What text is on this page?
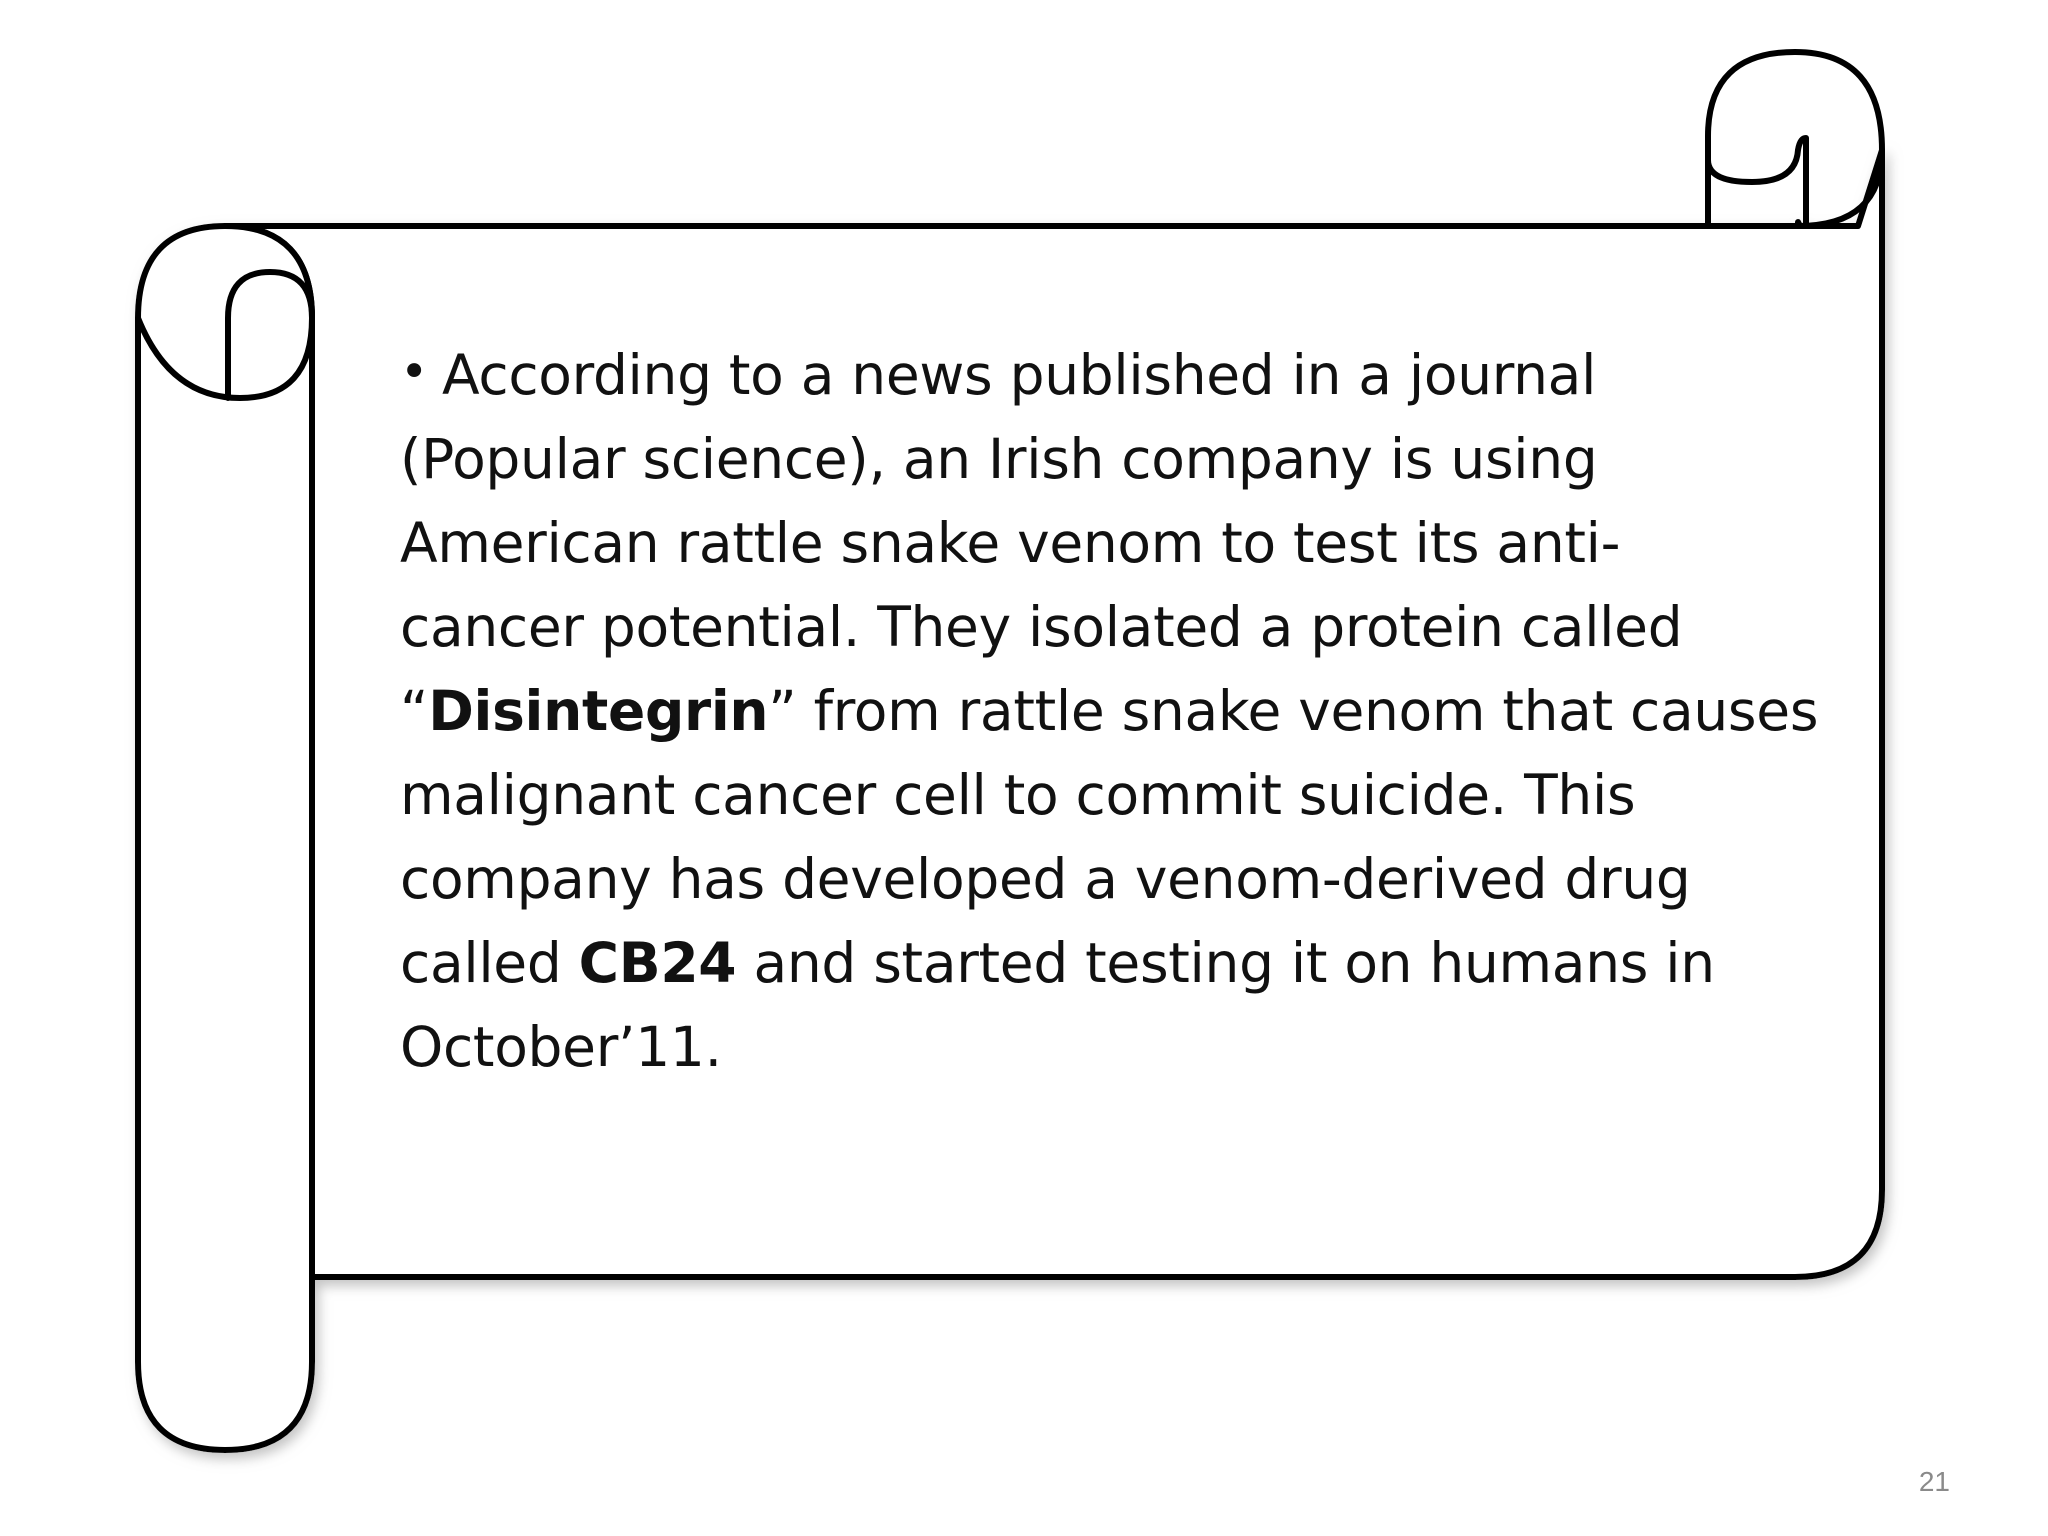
• According to a news published in a journal
(Popular science), an Irish company is using
American rattle snake venom to test its anti-
cancer potential. They isolated a protein called
“Disintegrin” from rattle snake venom that causes
malignant cancer cell to commit suicide. This
company has developed a venom-derived drug
called CB24 and started testing it on humans in
October’11.

21
